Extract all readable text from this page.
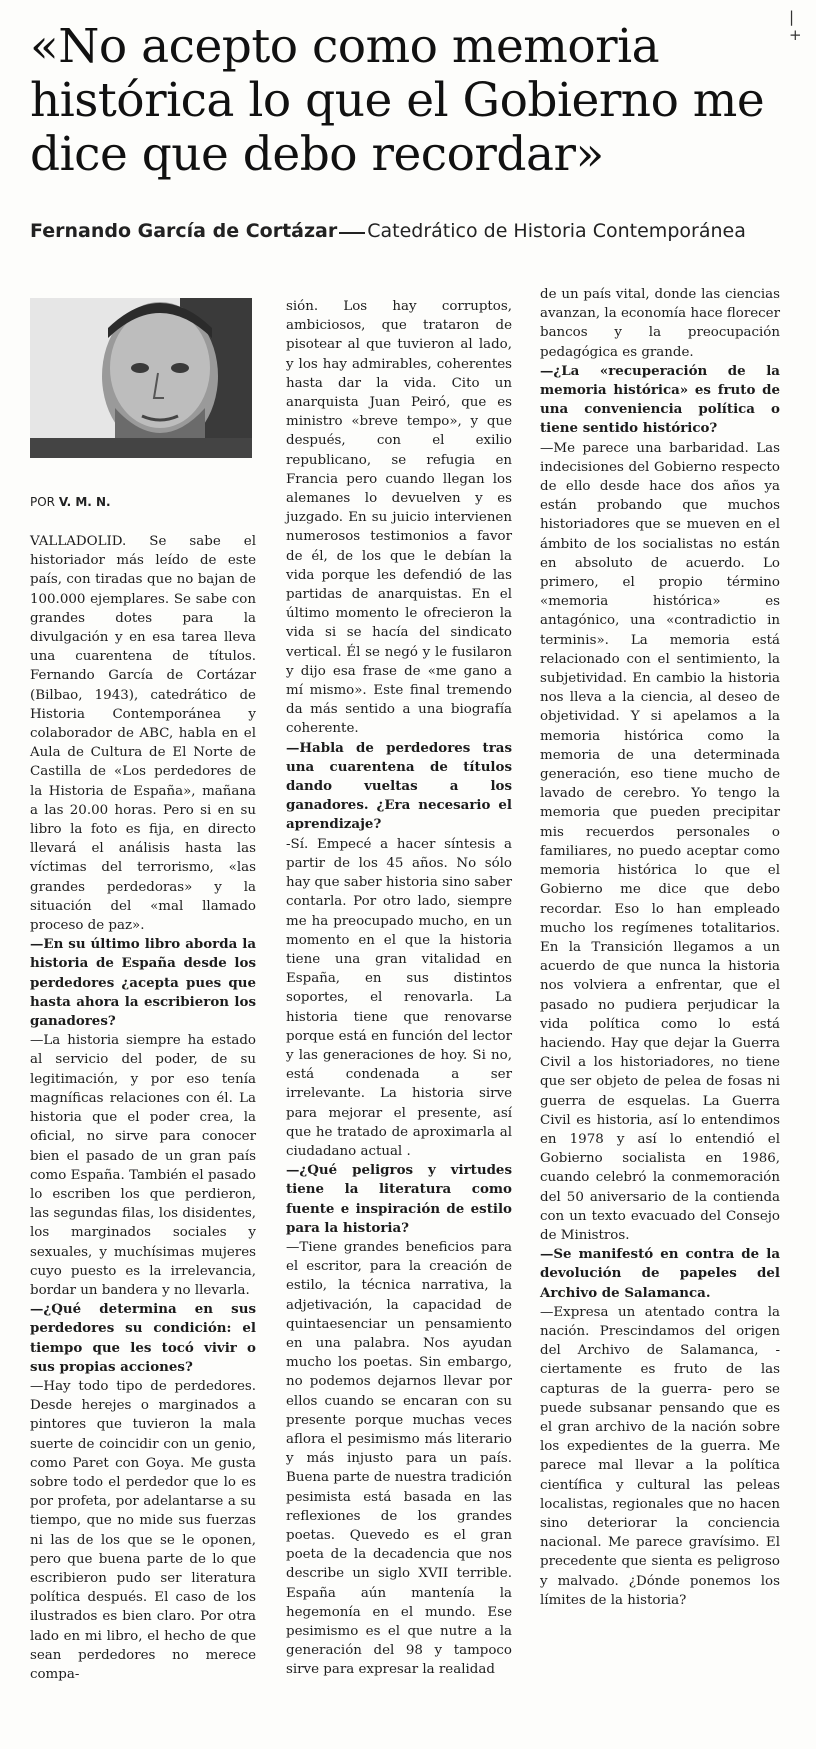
| +
«No acepto como memoria histórica lo que el Gobierno me dice que debo recordar»
Fernando García de Cortázar Catedrático de Historia Contemporánea
POR V. M. N.

VALLADOLID. Se sabe el historiador más leído de este país, con tiradas que no bajan de 100.000 ejemplares. Se sabe con grandes dotes para la divulgación y en esa tarea lleva una cuarentena de títulos. Fernando García de Cortázar (Bilbao, 1943), catedrático de Historia Contemporánea y colaborador de ABC, habla en el Aula de Cultura de El Norte de Castilla de «Los perdedores de la Historia de España», mañana a las 20.00 horas. Pero si en su libro la foto es fija, en directo llevará el análisis hasta las víctimas del terrorismo, «las grandes perdedoras» y la situación del «mal llamado proceso de paz».

—En su último libro aborda la historia de España desde los perdedores ¿acepta pues que hasta ahora la escribieron los ganadores?

—La historia siempre ha estado al servicio del poder, de su legitimación, y por eso tenía magníficas relaciones con él. La historia que el poder crea, la oficial, no sirve para conocer bien el pasado de un gran país como España. También el pasado lo escriben los que perdieron, las segundas filas, los disidentes, los marginados sociales y sexuales, y muchísimas mujeres cuyo puesto es la irrelevancia, bordar un bandera y no llevarla.

—¿Qué determina en sus perdedores su condición: el tiempo que les tocó vivir o sus propias acciones?

—Hay todo tipo de perdedores. Desde herejes o marginados a pintores que tuvieron la mala suerte de coincidir con un genio, como Paret con Goya. Me gusta sobre todo el perdedor que lo es por profeta, por adelantarse a su tiempo, que no mide sus fuerzas ni las de los que se le oponen, pero que buena parte de lo que escribieron pudo ser literatura política después. El caso de los ilustrados es bien claro. Por otra lado en mi libro, el hecho de que sean perdedores no merece compa-

sión. Los hay corruptos, ambiciosos, que trataron de pisotear al que tuvieron al lado, y los hay admirables, coherentes hasta dar la vida. Cito un anarquista Juan Peiró, que es ministro «breve tempo», y que después, con el exilio republicano, se refugia en Francia pero cuando llegan los alemanes lo devuelven y es juzgado. En su juicio intervienen numerosos testimonios a favor de él, de los que le debían la vida porque les defendió de las partidas de anarquistas. En el último momento le ofrecieron la vida si se hacía del sindicato vertical. Él se negó y le fusilaron y dijo esa frase de «me gano a mí mismo». Este final tremendo da más sentido a una biografía coherente.

—Habla de perdedores tras una cuarentena de títulos dando vueltas a los ganadores. ¿Era necesario el aprendizaje?

-Sí. Empecé a hacer síntesis a partir de los 45 años. No sólo hay que saber historia sino saber contarla. Por otro lado, siempre me ha preocupado mucho, en un momento en el que la historia tiene una gran vitalidad en España, en sus distintos soportes, el renovarla. La historia tiene que renovarse porque está en función del lector y las generaciones de hoy. Si no, está condenada a ser irrelevante. La historia sirve para mejorar el presente, así que he tratado de aproximarla al ciudadano actual .

—¿Qué peligros y virtudes tiene la literatura como fuente e inspiración de estilo para la historia?

—Tiene grandes beneficios para el escritor, para la creación de estilo, la técnica narrativa, la adjetivación, la capacidad de quintaesenciar un pensamiento en una palabra. Nos ayudan mucho los poetas. Sin embargo, no podemos dejarnos llevar por ellos cuando se encaran con su presente porque muchas veces aflora el pesimismo más literario y más injusto para un país. Buena parte de nuestra tradición pesimista está basada en las reflexiones de los grandes poetas. Quevedo es el gran poeta de la decadencia que nos describe un siglo XVII terrible. España aún mantenía la hegemonía en el mundo. Ese pesimismo es el que nutre a la generación del 98 y tampoco sirve para expresar la realidad

de un país vital, donde las ciencias avanzan, la economía hace florecer bancos y la preocupación pedagógica es grande.

—¿La «recuperación de la memoria histórica» es fruto de una conveniencia política o tiene sentido histórico?

—Me parece una barbaridad. Las indecisiones del Gobierno respecto de ello desde hace dos años ya están probando que muchos historiadores que se mueven en el ámbito de los socialistas no están en absoluto de acuerdo. Lo primero, el propio término «memoria histórica» es antagónico, una «contradictio in terminis». La memoria está relacionado con el sentimiento, la subjetividad. En cambio la historia nos lleva a la ciencia, al deseo de objetividad. Y si apelamos a la memoria histórica como la memoria de una determinada generación, eso tiene mucho de lavado de cerebro. Yo tengo la memoria que pueden precipitar mis recuerdos personales o familiares, no puedo aceptar como memoria histórica lo que el Gobierno me dice que debo recordar. Eso lo han empleado mucho los regímenes totalitarios. En la Transición llegamos a un acuerdo de que nunca la historia nos volviera a enfrentar, que el pasado no pudiera perjudicar la vida política como lo está haciendo. Hay que dejar la Guerra Civil a los historiadores, no tiene que ser objeto de pelea de fosas ni guerra de esquelas. La Guerra Civil es historia, así lo entendimos en 1978 y así lo entendió el Gobierno socialista en 1986, cuando celebró la conmemoración del 50 aniversario de la contienda con un texto evacuado del Consejo de Ministros.

—Se manifestó en contra de la devolución de papeles del Archivo de Salamanca.

—Expresa un atentado contra la nación. Prescindamos del origen del Archivo de Salamanca, -ciertamente es fruto de las capturas de la guerra- pero se puede subsanar pensando que es el gran archivo de la nación sobre los expedientes de la guerra. Me parece mal llevar a la política científica y cultural las peleas localistas, regionales que no hacen sino deteriorar la conciencia nacional. Me parece gravísimo. El precedente que sienta es peligroso y malvado. ¿Dónde ponemos los límites de la historia?
